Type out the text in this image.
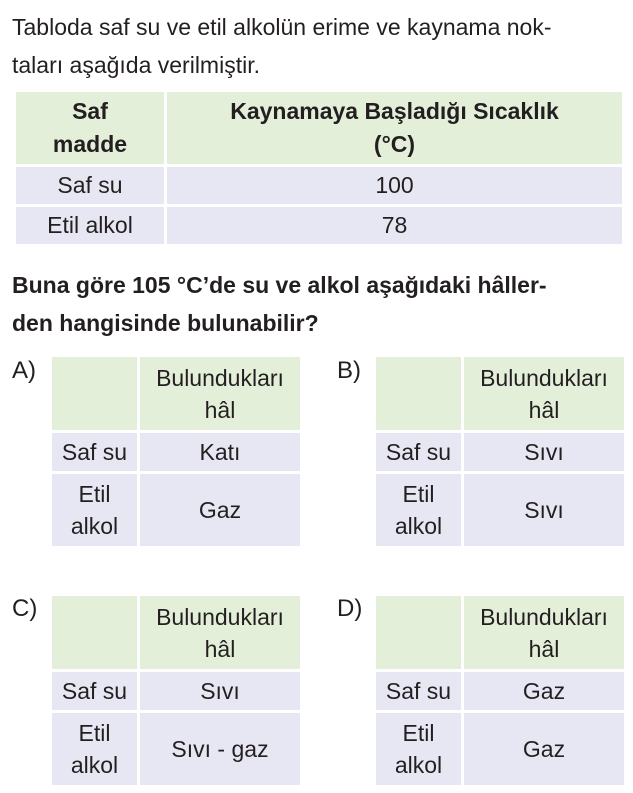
Tabloda saf su ve etil alkolün erime ve kaynama nok-
taları aşağıda verilmiştir.

Saf
madde	Kaynamaya Başladığı Sıcaklık
(°C)
Saf su	100
Etil alkol	78

Buna göre 105 °C’de su ve alkol aşağıdaki hâller-
den hangisinde bulunabilir?

A)
		Bulundukları
hâl
Saf su	Katı
Etil
alkol	Gaz
B)
		Bulundukları
hâl
Saf su	Sıvı
Etil
alkol	Sıvı
C)
		Bulundukları
hâl
Saf su	Sıvı
Etil
alkol	Sıvı - gaz
D)
		Bulundukları
hâl
Saf su	Gaz
Etil
alkol	Gaz
